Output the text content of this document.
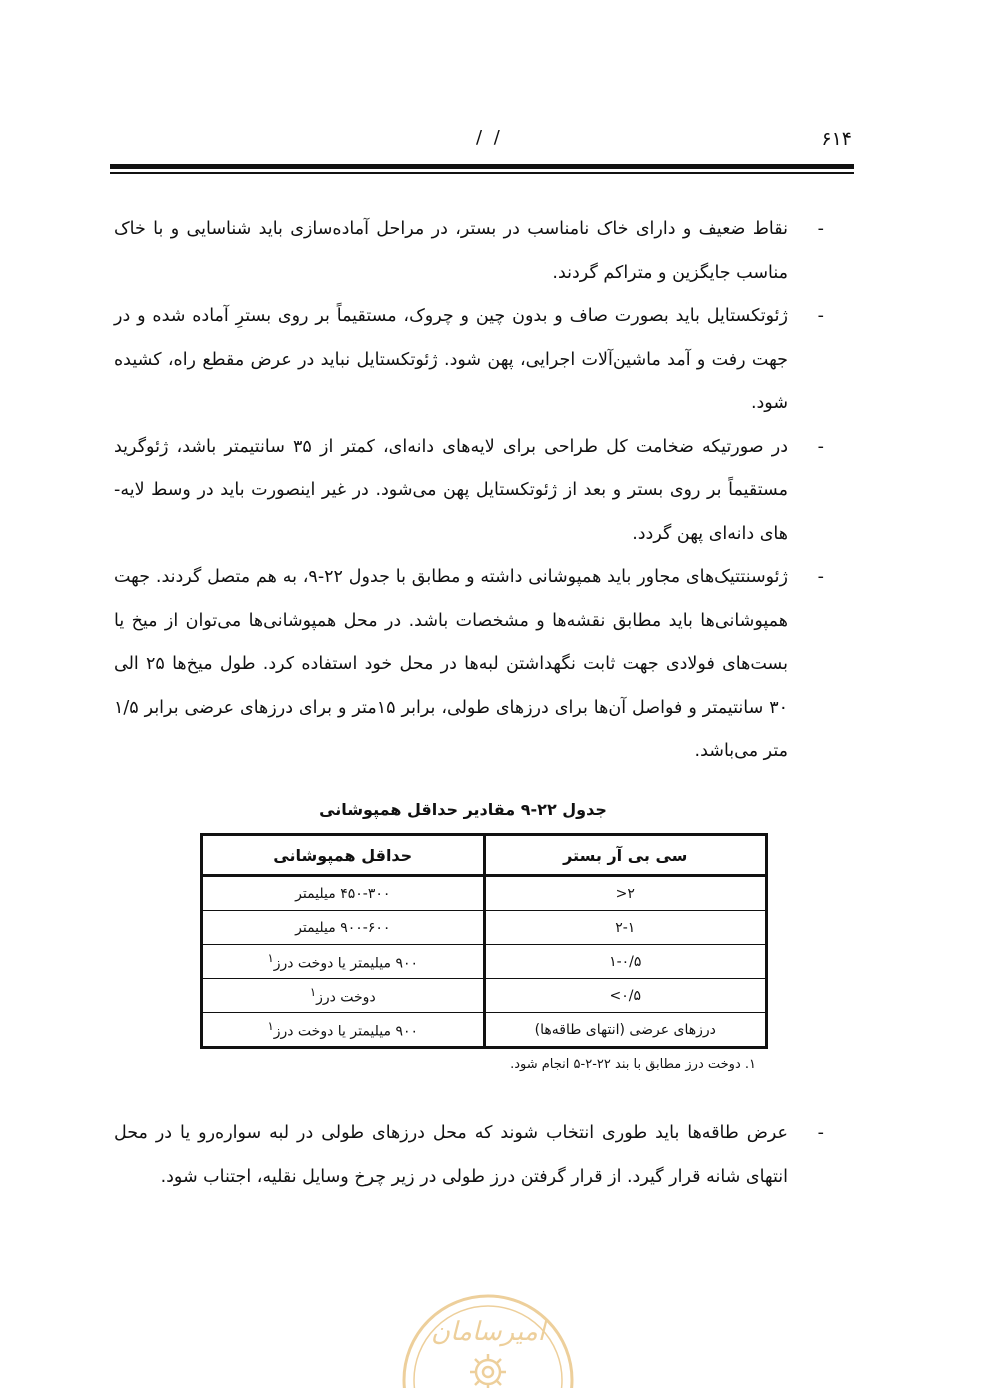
۶۱۴
/ /

-
نقاط ضعیف و دارای خاک نامناسب در بستر، در مراحل آماده‌سازی باید شناسایی و با خاک مناسب جایگزین و متراکم گردند.

-
ژئوتکستایل باید بصورت صاف و بدون چین و چروک، مستقیماً بر روی بسترِ آماده شده و در جهت رفت و آمد ماشین‌آلات اجرایی، پهن شود. ژئوتکستایل نباید در عرض مقطع راه، کشیده شود.

-
در صورتیکه ضخامت کل طراحی برای لایه‌های دانه‌ای، کمتر از ۳۵ سانتیمتر باشد، ژئوگرید مستقیماً بر روی بستر و بعد از ژئوتکستایل پهن می‌شود. در غیر اینصورت باید در وسط لایه- های دانه‌ای پهن گردد.

-
ژئوسنتتیک‌های مجاور باید همپوشانی داشته و مطابق با جدول ۲۲-۹، به هم متصل گردند. جهت همپوشانی‌ها باید مطابق نقشه‌ها و مشخصات باشد. در محل همپوشانی‌ها می‌توان از میخ یا بست‌های فولادی جهت ثابت نگهداشتن لبه‌ها در محل خود استفاده کرد. طول میخ‌ها ۲۵ الی ۳۰ سانتیمتر و فواصل آن‌ها برای درزهای طولی، برابر ۱۵متر و برای درزهای عرضی برابر ۱/۵ متر می‌باشد.

جدول ۲۲-۹ مقادیر حداقل همپوشانی
سی بی آر بستر	حداقل همپوشانی
۲<	۴۵۰-۳۰۰ میلیمتر
۲-۱	۹۰۰-۶۰۰ میلیمتر
۱-۰/۵	۹۰۰ میلیمتر یا دوخت درز$^۱$
۰/۵>	دوخت درز$^۱$
درزهای عرضی (انتهای طاقه‌ها)	۹۰۰ میلیمتر یا دوخت درز$^۱$
۱. دوخت درز مطابق با بند ۲۲-۲-۵ انجام شود.

-
عرض طاقه‌ها باید طوری انتخاب شوند که محل درزهای طولی در لبه سواره‌رو یا در محل انتهای شانه قرار گیرد. از قرار گرفتن درز طولی در زیر چرخ وسایل نقلیه، اجتناب شود.

امیرسامان
